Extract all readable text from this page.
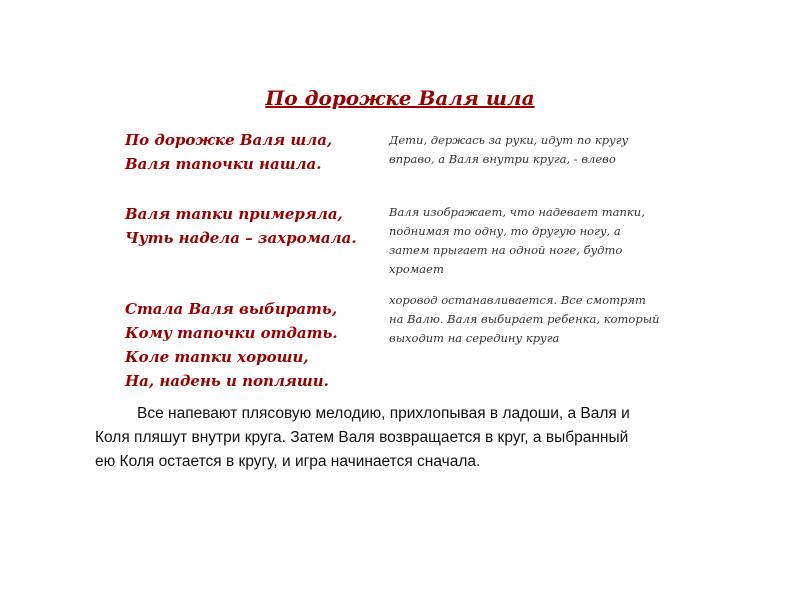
По дорожке Валя шла
По дорожке Валя шла,
Валя тапочки нашла.
Дети, держась за руки, идут по кругу
вправо, а Валя внутри круга, - влево
Валя тапки примеряла,
Чуть надела – захромала.
Валя изображает, что надевает тапки,
поднимая то одну, то другую ногу, а
затем прыгает на одной ноге, будто
хромает
Стала Валя выбирать,
Кому тапочки отдать.
Коле тапки хороши,
На, надень и попляши.
хоровод останавливается. Все смотрят
на Валю. Валя выбирает ребенка, который
выходит на середину круга
Все напевают плясовую мелодию, прихлопывая в ладоши, а Валя и
Коля пляшут внутри круга. Затем Валя возвращается в круг, а выбранный
ею Коля остается в кругу, и игра начинается сначала.
